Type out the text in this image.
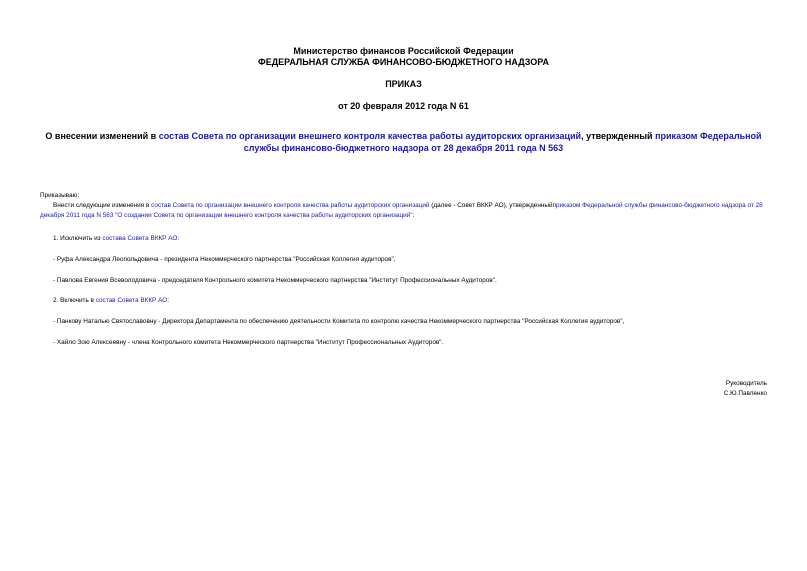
Министерство финансов Российской Федерации
ФЕДЕРАЛЬНАЯ СЛУЖБА ФИНАНСОВО-БЮДЖЕТНОГО НАДЗОРА
ПРИКАЗ
от 20 февраля 2012 года N 61
О внесении изменений в состав Совета по организации внешнего контроля качества работы аудиторских организаций, утвержденный приказом Федеральной службы финансово-бюджетного надзора от 28 декабря 2011 года N 563
Приказываю:
Внести следующие изменения в состав Совета по организации внешнего контроля качества работы аудиторских организаций (далее - Совет ВККР АО), утвержденныйприказом Федеральной службы финансово-бюджетного надзора от 28 декабря 2011 года N 563 "О создании Совета по организации внешнего контроля качества работы аудиторских организаций":
1. Исключить из состава Совета ВККР АО:
- Руфа Александра Леопольдовича - президента Некоммерческого партнерства "Российская Коллегия аудиторов",
- Павлова Евгения Всеволодовича - председателя Контрольного комитета Некоммерческого партнерства "Институт Профессиональных Аудиторов".
2. Включить в состав Совета ВККР АО:
- Панкову Наталью Святославовну - Директора Департамента по обеспечению деятельности Комитета по контролю качества Некоммерческого партнерства "Российская Коллегия аудиторов",
- Хайло Зою Алексеевну - члена Контрольного комитета Некоммерческого партнерства "Институт Профессиональных Аудиторов".
Руководитель
С.Ю.Павленко
